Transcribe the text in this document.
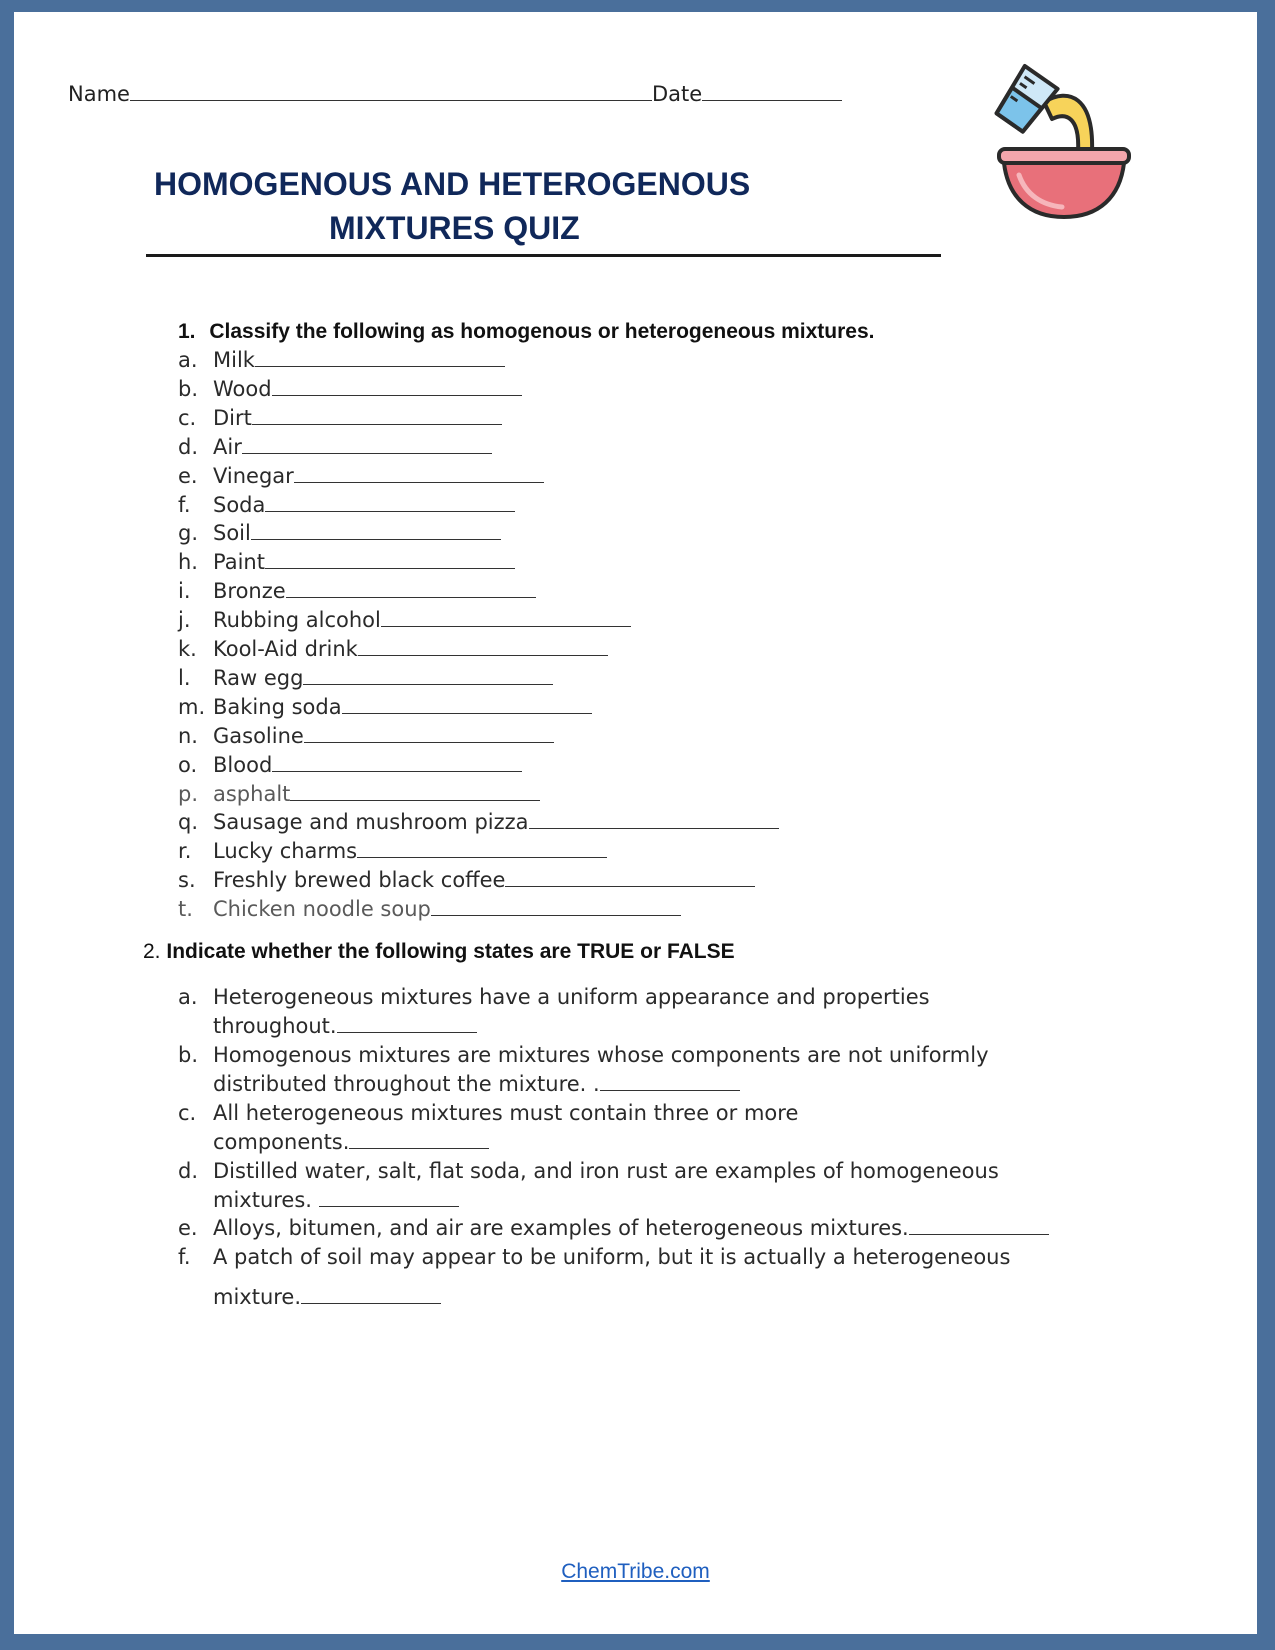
Name	Date
HOMOGENOUS AND HETEROGENOUS
MIXTURES QUIZ
1. Classify the following as homogenous or heterogeneous mixtures.
a. Milk
b. Wood
c. Dirt
d. Air
e. Vinegar
f. Soda
g. Soil
h. Paint
i. Bronze
j. Rubbing alcohol
k. Kool-Aid drink
l. Raw egg
m. Baking soda
n. Gasoline
o. Blood
p. asphalt
q. Sausage and mushroom pizza
r. Lucky charms
s. Freshly brewed black coffee
t. Chicken noodle soup
2. Indicate whether the following states are TRUE or FALSE
a. Heterogeneous mixtures have a uniform appearance and properties
throughout.
b. Homogenous mixtures are mixtures whose components are not uniformly
distributed throughout the mixture. .
c. All heterogeneous mixtures must contain three or more
components.
d. Distilled water, salt, flat soda, and iron rust are examples of homogeneous
mixtures.
e. Alloys, bitumen, and air are examples of heterogeneous mixtures.
f. A patch of soil may appear to be uniform, but it is actually a heterogeneous
mixture.
ChemTribe.com
